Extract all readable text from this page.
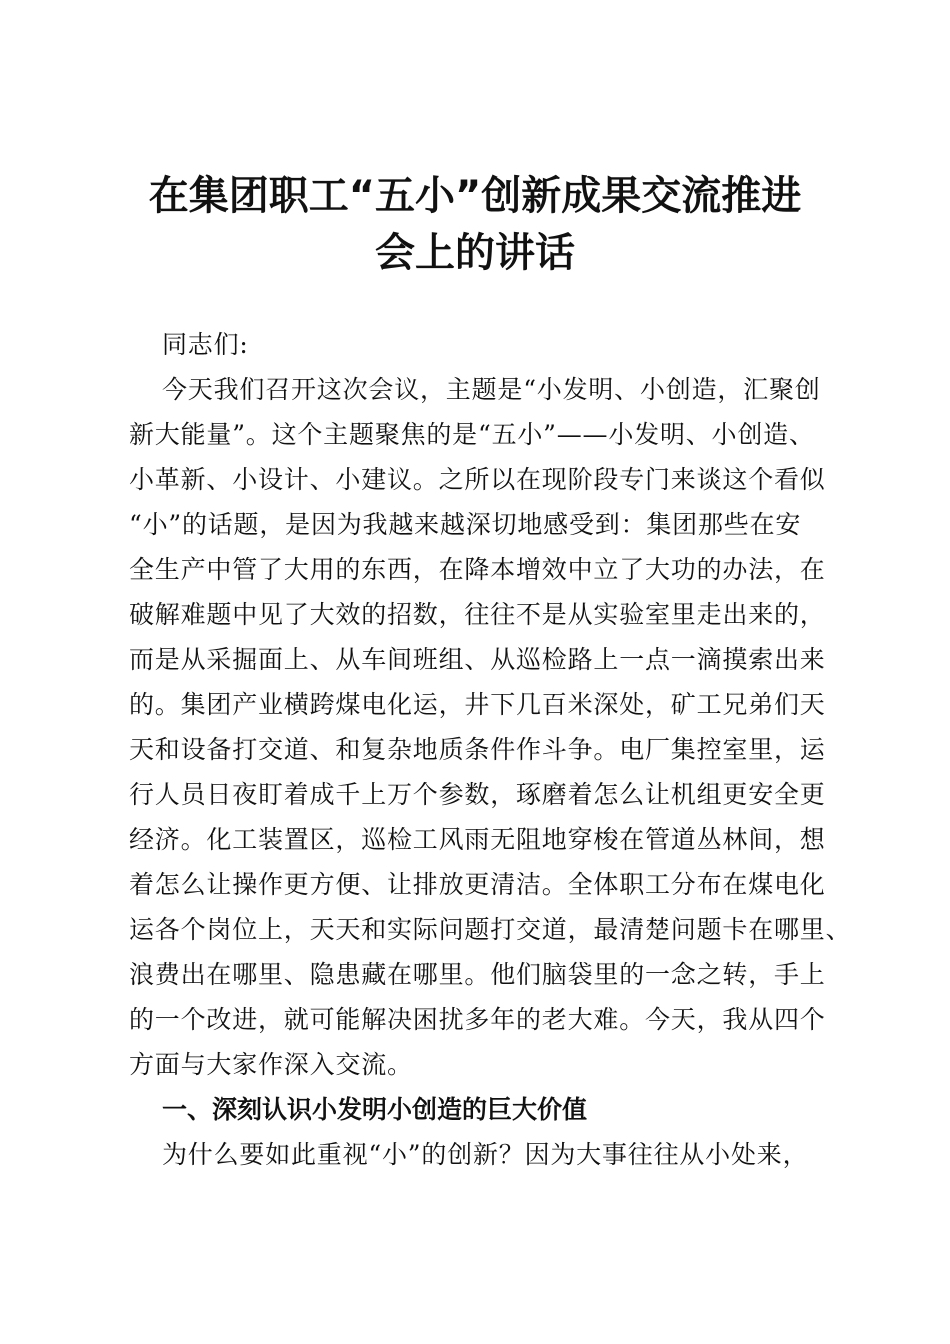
在集团职工“五小”创新成果交流推进
会上的讲话
同志们:
今天我们召开这次会议，主题是“小发明、小创造，汇聚创
新大能量”。这个主题聚焦的是“五小”——小发明、小创造、
小革新、小设计、小建议。之所以在现阶段专门来谈这个看似
“小”的话题，是因为我越来越深切地感受到：集团那些在安
全生产中管了大用的东西，在降本增效中立了大功的办法，在
破解难题中见了大效的招数，往往不是从实验室里走出来的，
而是从采掘面上、从车间班组、从巡检路上一点一滴摸索出来
的。集团产业横跨煤电化运，井下几百米深处，矿工兄弟们天
天和设备打交道、和复杂地质条件作斗争。电厂集控室里，运
行人员日夜盯着成千上万个参数，琢磨着怎么让机组更安全更
经济。化工装置区，巡检工风雨无阻地穿梭在管道丛林间，想
着怎么让操作更方便、让排放更清洁。全体职工分布在煤电化
运各个岗位上，天天和实际问题打交道，最清楚问题卡在哪里、
浪费出在哪里、隐患藏在哪里。他们脑袋里的一念之转，手上
的一个改进，就可能解决困扰多年的老大难。今天，我从四个
方面与大家作深入交流。
一、深刻认识小发明小创造的巨大价值
为什么要如此重视“小”的创新？因为大事往往从小处来，
